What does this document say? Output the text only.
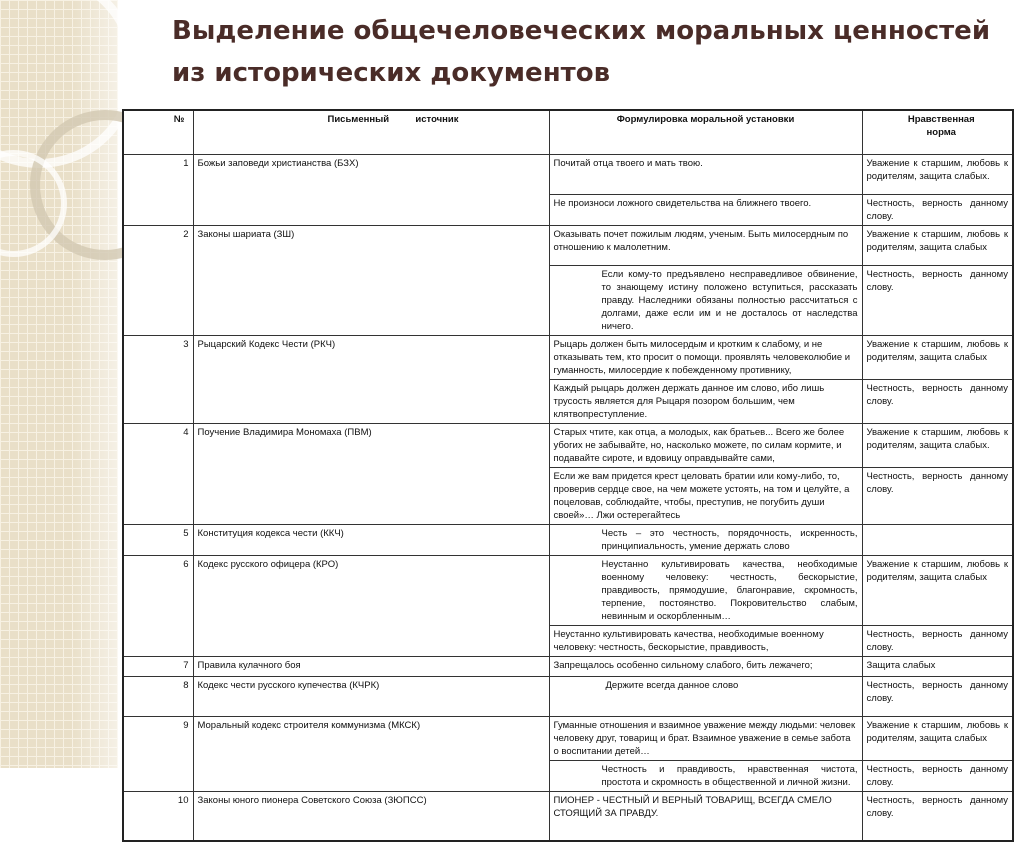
Выделение общечеловеческих моральных ценностей
из исторических документов
№	Письменный          источник	Формулировка моральной установки	Нравственная
норма

1	Божьи заповеди христианства (БЗХ)	Почитай отца твоего и мать твою.	Уважение к старшим, любовь к родителям, защита слабых.
		Не произноси ложного свидетельства на ближнего твоего.	Честность, верность данному слову.
2	Законы шариата (ЗШ)	Оказывать почет пожилым людям, ученым. Быть милосердным по отношению к малолетним.	Уважение к старшим, любовь к родителям, защита слабых
		Если кому-то предъявлено несправедливое обвинение, то знающему истину положено вступиться, рассказать правду. Наследники обязаны полностью рассчитаться с долгами, даже если им и не досталось от наследства ничего.	Честность, верность данному слову.
3	Рыцарский Кодекс Чести (РКЧ)	Рыцарь должен быть милосердым и кротким к слабому, и не отказывать тем, кто просит о помощи. проявлять человеколюбие и гуманность, милосердие к побежденному противнику,	Уважение к старшим, любовь к родителям, защита слабых
		Каждый рыцарь должен держать данное им слово, ибо лишь трусость является для Рыцаря позором большим, чем клятвопреступление.	Честность, верность данному слову.
4	Поучение Владимира Мономаха (ПВМ)	Старых чтите, как отца, а молодых, как братьев... Всего же более убогих не забывайте, но, насколько можете, по силам кормите, и подавайте сироте, и вдовицу оправдывайте сами,	Уважение к старшим, любовь к родителям, защита слабых.
		Если же вам придется крест целовать братии или кому-либо, то, проверив сердце свое, на чем можете устоять, на том и целуйте, а поцеловав, соблюдайте, чтобы, преступив, не погубить души своей»… Лжи остерегайтесь	Честность, верность данному слову.
5	Конституция кодекса чести (ККЧ)	Честь – это честность, порядочность, искренность, принципиальность, умение держать слово	
6	Кодекс русского офицера (КРО)	Неустанно культивировать качества, необходимые военному человеку: честность, бескорыстие, правдивость, прямодушие, благонравие, скромность, терпение, постоянство. Покровительство слабым, невинным и оскорбленным…	Уважение к старшим, любовь к родителям, защита слабых
		Неустанно культивировать качества, необходимые военному человеку: честность, бескорыстие, правдивость,	Честность, верность данному слову.
7	Правила кулачного боя	Запрещалось особенно сильному слабого, бить лежачего;	Защита слабых
8	Кодекс чести русского купечества (КЧРК)	Держите всегда данное слово	Честность, верность данному слову.
9	Моральный кодекс строителя коммунизма (МКСК)	Гуманные отношения и взаимное уважение между людьми: человек человеку друг, товарищ и брат. Взаимное уважение в семье забота о воспитании детей…	Уважение к старшим, любовь к родителям, защита слабых
		Честность и правдивость, нравственная чистота, простота и скромность в общественной и личной жизни.	Честность, верность данному слову.
10	Законы юного пионера Советского Союза (ЗЮПСС)	ПИОНЕР - ЧЕСТНЫЙ И ВЕРНЫЙ ТОВАРИЩ, ВСЕГДА СМЕЛО СТОЯЩИЙ ЗА ПРАВДУ.	Честность, верность данному слову.
